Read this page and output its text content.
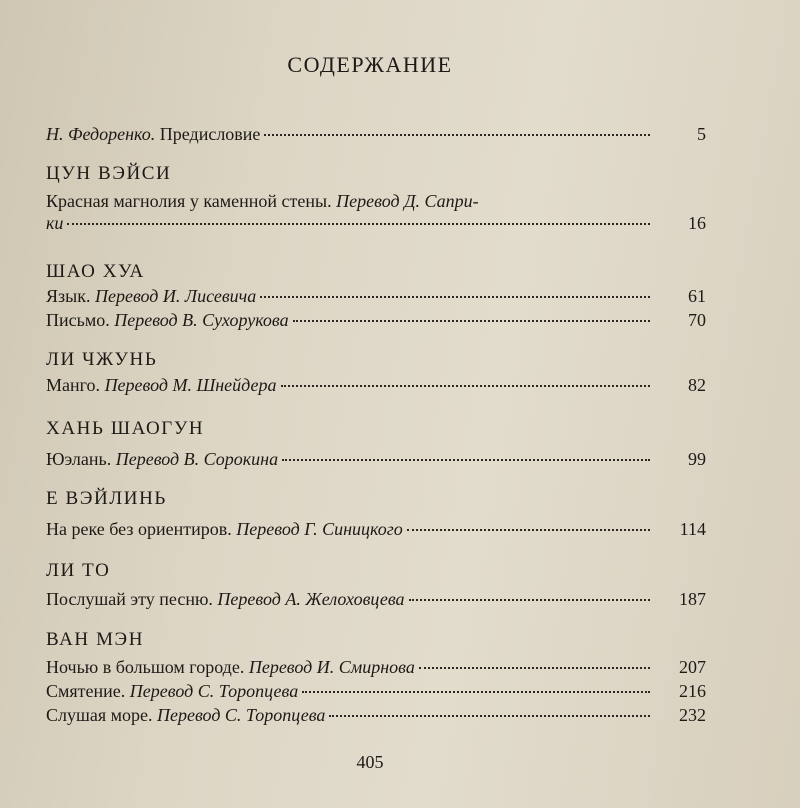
СОДЕРЖАНИЕ
Н. Федоренко. Предисловие	5
ЦУН ВЭЙСИ
Красная магнолия у каменной стены. Перевод Д. Сапри-
ки	16
ШАО ХУА
Язык. Перевод И. Лисевича	61
Письмо. Перевод В. Сухорукова	70
ЛИ ЧЖУНЬ
Манго. Перевод М. Шнейдера	82
ХАНЬ ШАОГУН
Юэлань. Перевод В. Сорокина	99
Е ВЭЙЛИНЬ
На реке без ориентиров. Перевод Г. Синицкого	114
ЛИ ТО
Послушай эту песню. Перевод А. Желоховцева	187
ВАН МЭН
Ночью в большом городе. Перевод И. Смирнова	207
Смятение. Перевод С. Торопцева	216
Слушая море. Перевод С. Торопцева	232
405
